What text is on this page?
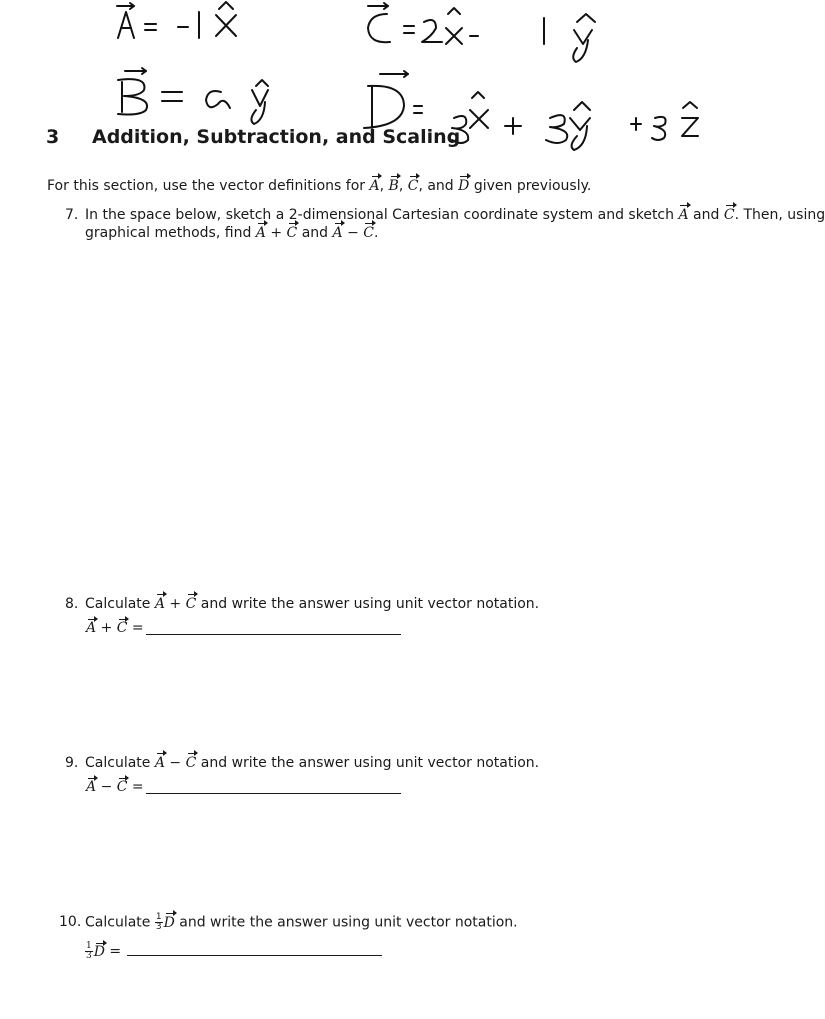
3 Addition, Subtraction, and Scaling
For this section, use the vector definitions for A, B, C, and D given previously.
7. In the space below, sketch a 2-dimensional Cartesian coordinate system and sketch A and C. Then, using
graphical methods, find A + C and A − C.
8. Calculate A + C and write the answer using unit vector notation.
A + C =
9. Calculate A − C and write the answer using unit vector notation.
A − C =
10. Calculate $\frac{1}{3}$ D and write the answer using unit vector notation.
$\frac{1}{3}$ D =
